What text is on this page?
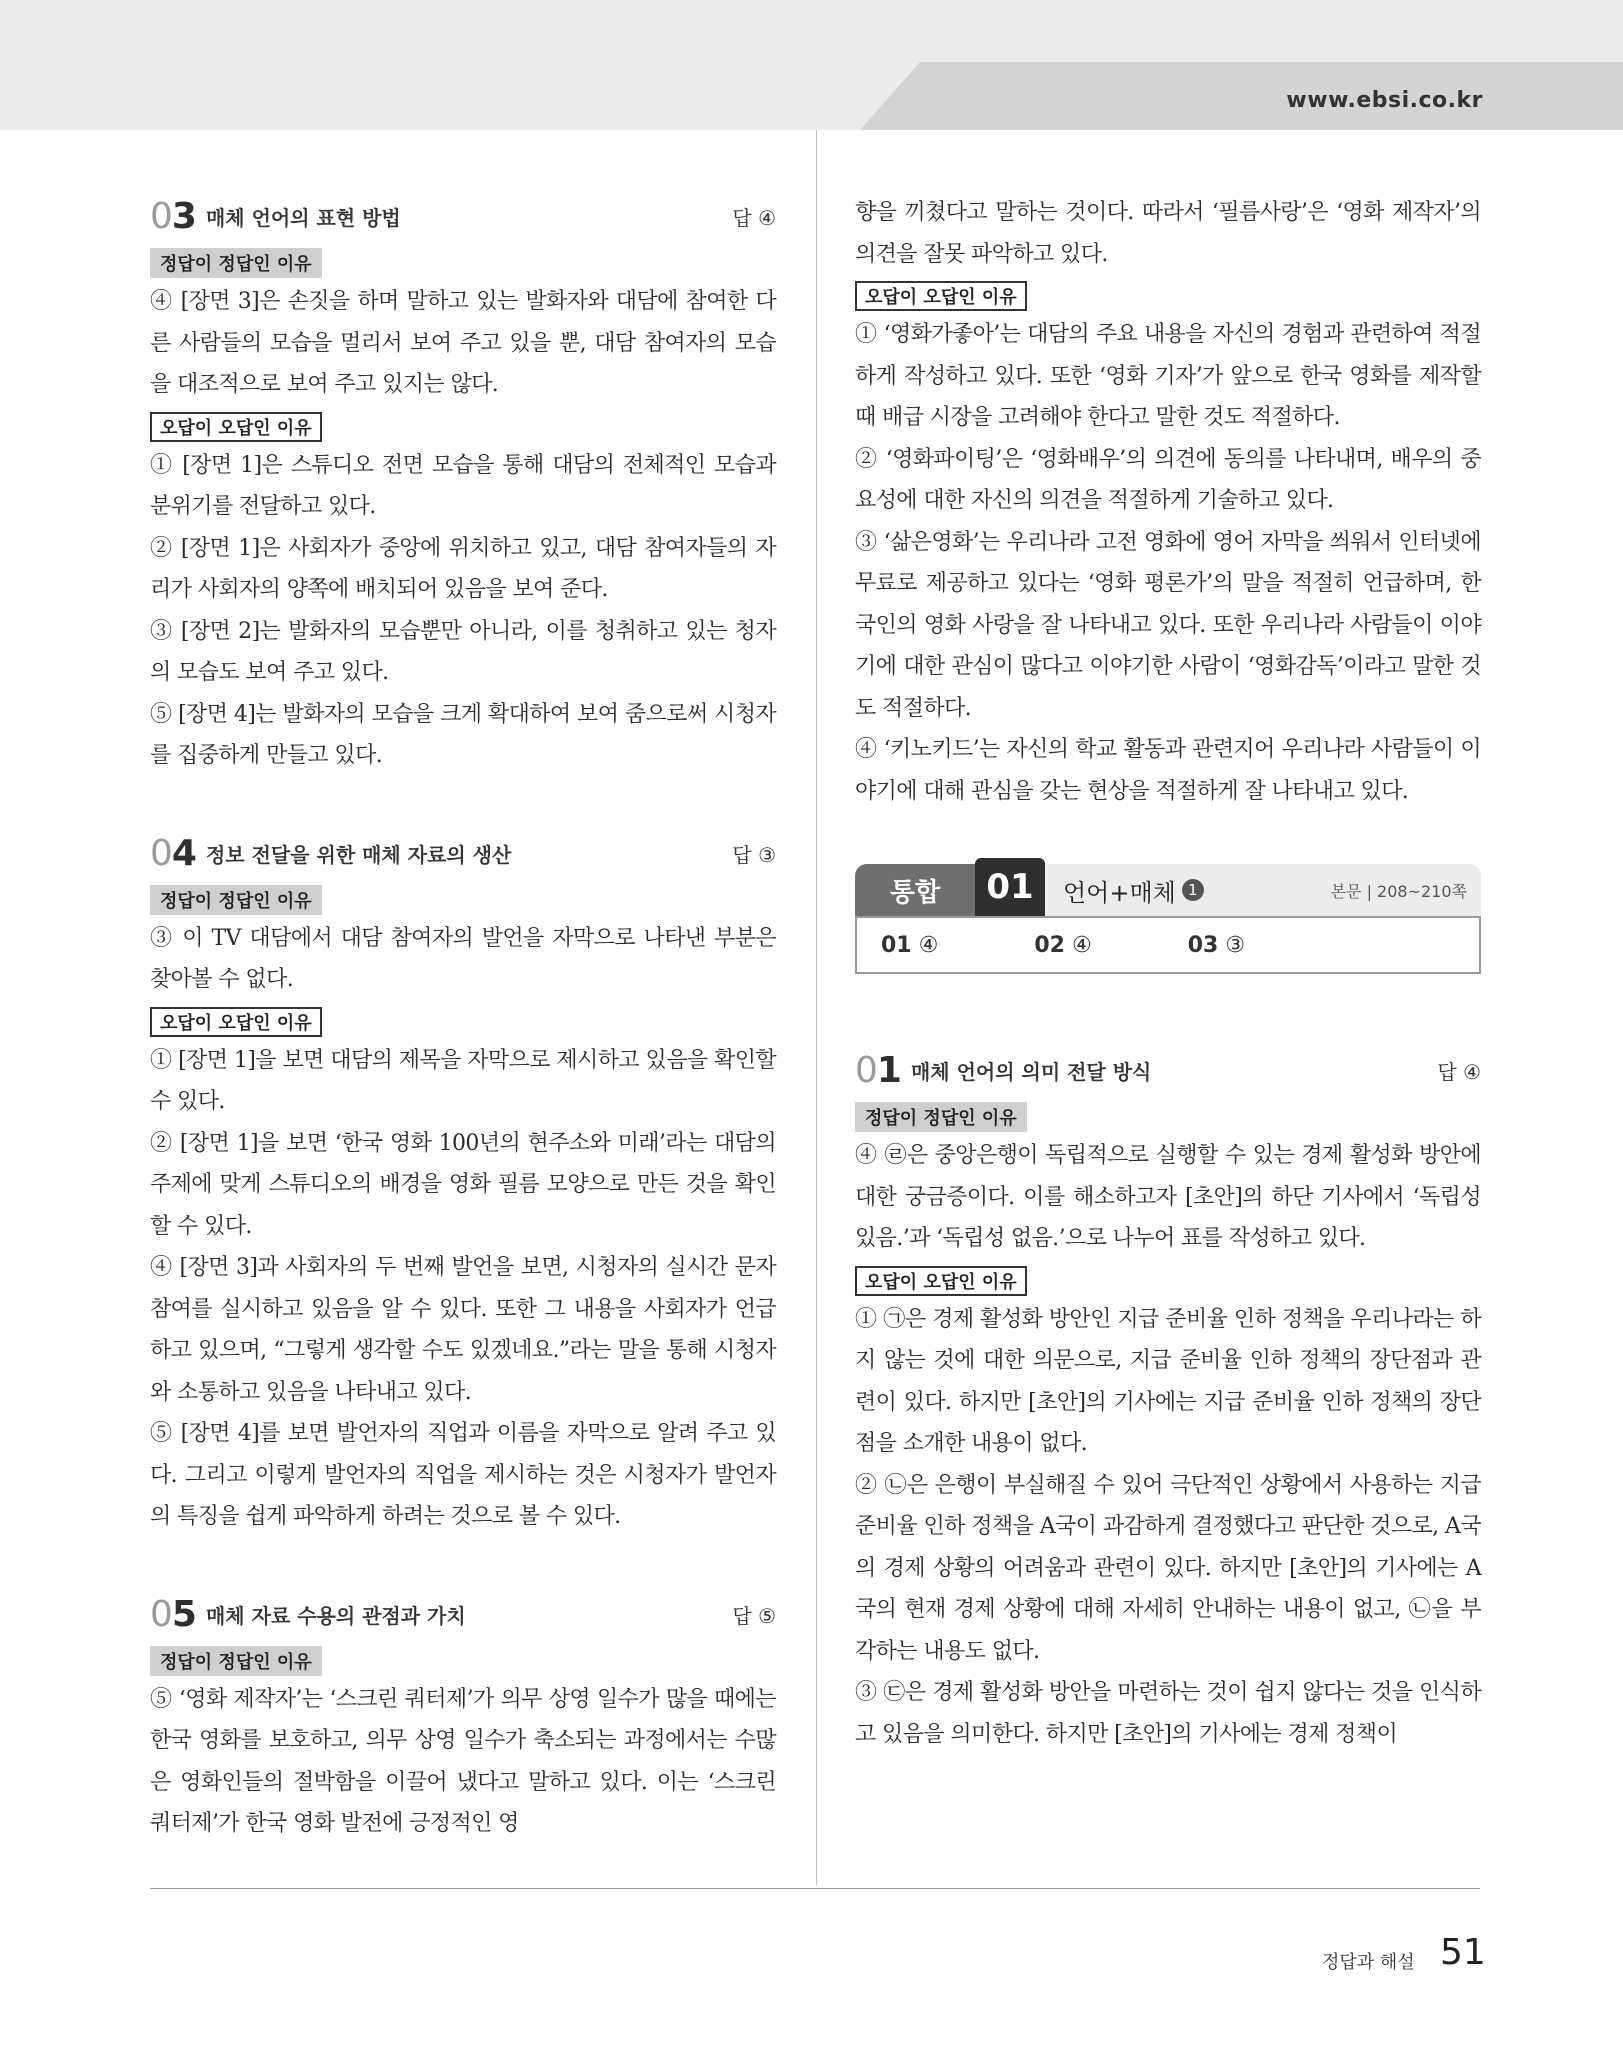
www.ebsi.co.kr
03 매체 언어의 표현 방법	답 ④
정답이 정답인 이유
④ [장면 3]은 손짓을 하며 말하고 있는 발화자와 대담에 참여한 다른 사람들의 모습을 멀리서 보여 주고 있을 뿐, 대담 참여자의 모습을 대조적으로 보여 주고 있지는 않다.
오답이 오답인 이유
① [장면 1]은 스튜디오 전면 모습을 통해 대담의 전체적인 모습과 분위기를 전달하고 있다.
② [장면 1]은 사회자가 중앙에 위치하고 있고, 대담 참여자들의 자리가 사회자의 양쪽에 배치되어 있음을 보여 준다.
③ [장면 2]는 발화자의 모습뿐만 아니라, 이를 청취하고 있는 청자의 모습도 보여 주고 있다.
⑤ [장면 4]는 발화자의 모습을 크게 확대하여 보여 줌으로써 시청자를 집중하게 만들고 있다.
04 정보 전달을 위한 매체 자료의 생산	답 ③
정답이 정답인 이유
③ 이 TV 대담에서 대담 참여자의 발언을 자막으로 나타낸 부분은 찾아볼 수 없다.
오답이 오답인 이유
① [장면 1]을 보면 대담의 제목을 자막으로 제시하고 있음을 확인할 수 있다.
② [장면 1]을 보면 ‘한국 영화 100년의 현주소와 미래’라는 대담의 주제에 맞게 스튜디오의 배경을 영화 필름 모양으로 만든 것을 확인할 수 있다.
④ [장면 3]과 사회자의 두 번째 발언을 보면, 시청자의 실시간 문자 참여를 실시하고 있음을 알 수 있다. 또한 그 내용을 사회자가 언급하고 있으며, “그렇게 생각할 수도 있겠네요.”라는 말을 통해 시청자와 소통하고 있음을 나타내고 있다.
⑤ [장면 4]를 보면 발언자의 직업과 이름을 자막으로 알려 주고 있다. 그리고 이렇게 발언자의 직업을 제시하는 것은 시청자가 발언자의 특징을 쉽게 파악하게 하려는 것으로 볼 수 있다.
05 매체 자료 수용의 관점과 가치	답 ⑤
정답이 정답인 이유
⑤ ‘영화 제작자’는 ‘스크린 쿼터제’가 의무 상영 일수가 많을 때에는 한국 영화를 보호하고, 의무 상영 일수가 축소되는 과정에서는 수많은 영화인들의 절박함을 이끌어 냈다고 말하고 있다. 이는 ‘스크린 쿼터제’가 한국 영화 발전에 긍정적인 영
향을 끼쳤다고 말하는 것이다. 따라서 ‘필름사랑’은 ‘영화 제작자’의 의견을 잘못 파악하고 있다.
오답이 오답인 이유
① ‘영화가좋아’는 대담의 주요 내용을 자신의 경험과 관련하여 적절하게 작성하고 있다. 또한 ‘영화 기자’가 앞으로 한국 영화를 제작할 때 배급 시장을 고려해야 한다고 말한 것도 적절하다.
② ‘영화파이팅’은 ‘영화배우’의 의견에 동의를 나타내며, 배우의 중요성에 대한 자신의 의견을 적절하게 기술하고 있다.
③ ‘삶은영화’는 우리나라 고전 영화에 영어 자막을 씌워서 인터넷에 무료로 제공하고 있다는 ‘영화 평론가’의 말을 적절히 언급하며, 한국인의 영화 사랑을 잘 나타내고 있다. 또한 우리나라 사람들이 이야기에 대한 관심이 많다고 이야기한 사람이 ‘영화감독’이라고 말한 것도 적절하다.
④ ‘키노키드’는 자신의 학교 활동과 관련지어 우리나라 사람들이 이야기에 대해 관심을 갖는 현상을 적절하게 잘 나타내고 있다.
통합	01	언어+매체 1	본문 | 208~210쪽
01 ④	02 ④	03 ③
01 매체 언어의 의미 전달 방식	답 ④
정답이 정답인 이유
④ ㉣은 중앙은행이 독립적으로 실행할 수 있는 경제 활성화 방안에 대한 궁금증이다. 이를 해소하고자 [초안]의 하단 기사에서 ‘독립성 있음.’과 ‘독립성 없음.’으로 나누어 표를 작성하고 있다.
오답이 오답인 이유
① ㉠은 경제 활성화 방안인 지급 준비율 인하 정책을 우리나라는 하지 않는 것에 대한 의문으로, 지급 준비율 인하 정책의 장단점과 관련이 있다. 하지만 [초안]의 기사에는 지급 준비율 인하 정책의 장단점을 소개한 내용이 없다.
② ㉡은 은행이 부실해질 수 있어 극단적인 상황에서 사용하는 지급 준비율 인하 정책을 A국이 과감하게 결정했다고 판단한 것으로, A국의 경제 상황의 어려움과 관련이 있다. 하지만 [초안]의 기사에는 A국의 현재 경제 상황에 대해 자세히 안내하는 내용이 없고, ㉡을 부각하는 내용도 없다.
③ ㉢은 경제 활성화 방안을 마련하는 것이 쉽지 않다는 것을 인식하고 있음을 의미한다. 하지만 [초안]의 기사에는 경제 정책이
정답과 해설 51
